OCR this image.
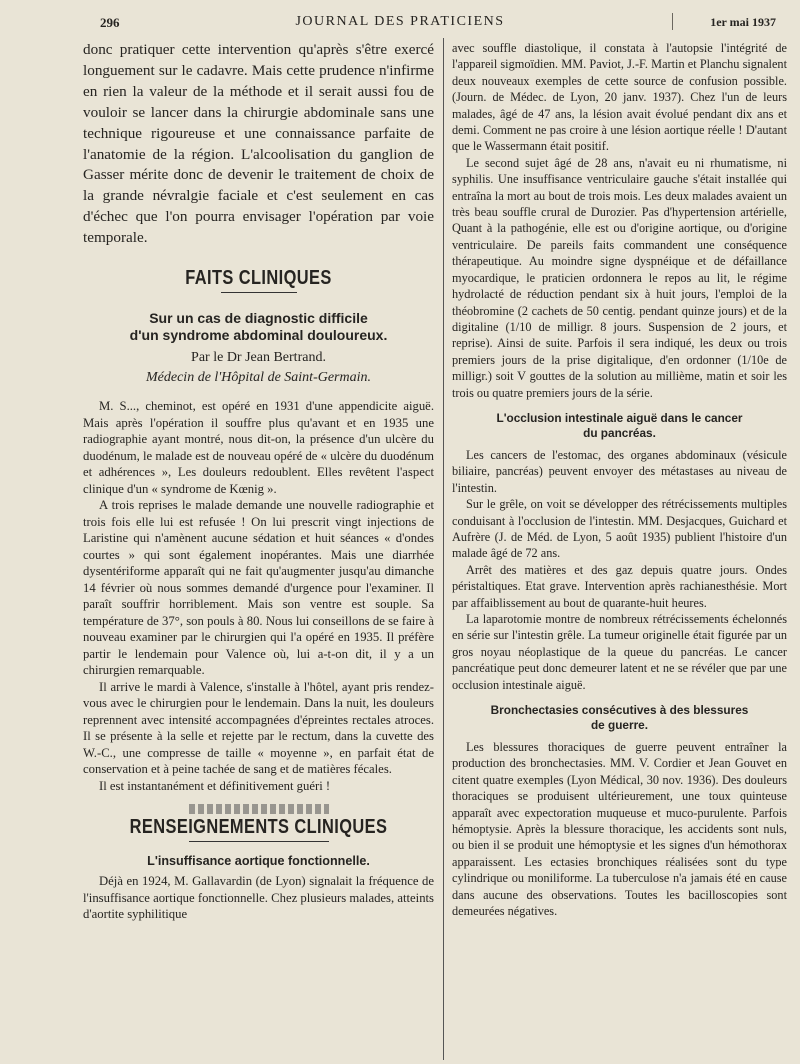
296	JOURNAL DES PRATICIENS	1er mai 1937

donc pratiquer cette intervention qu'après s'être exercé longuement sur le cadavre. Mais cette prudence n'infirme en rien la valeur de la méthode et il serait aussi fou de vouloir se lancer dans la chirurgie abdominale sans une technique rigoureuse et une connaissance parfaite de l'anatomie de la région. L'alcoolisation du ganglion de Gasser mérite donc de devenir le traitement de choix de la grande névralgie faciale et c'est seulement en cas d'échec que l'on pourra envisager l'opération par voie temporale.

FAITS CLINIQUES

Sur un cas de diagnostic difficile

d'un syndrome abdominal douloureux.

Par le Dr Jean Bertrand.

Médecin de l'Hôpital de Saint-Germain.

M. S..., cheminot, est opéré en 1931 d'une appendicite aiguë. Mais après l'opération il souffre plus qu'avant et en 1935 une radiographie ayant montré, nous dit-on, la présence d'un ulcère du duodénum, le malade est de nouveau opéré de « ulcère du duodénum et adhérences », Les douleurs redoublent. Elles revêtent l'aspect clinique d'un « syndrome de Kœnig ».

A trois reprises le malade demande une nouvelle radiographie et trois fois elle lui est refusée ! On lui prescrit vingt injections de Laristine qui n'amènent aucune sédation et huit séances « d'ondes courtes » qui sont également inopérantes. Mais une diarrhée dysentériforme apparaît qui ne fait qu'augmenter jusqu'au dimanche 14 février où nous sommes demandé d'urgence pour l'examiner. Il paraît souffrir horriblement. Mais son ventre est souple. Sa température de 37°, son pouls à 80. Nous lui conseillons de se faire à nouveau examiner par le chirurgien qui l'a opéré en 1935. Il préfère partir le lendemain pour Valence où, lui a-t-on dit, il y a un chirurgien remarquable.

Il arrive le mardi à Valence, s'installe à l'hôtel, ayant pris rendez-vous avec le chirurgien pour le lendemain. Dans la nuit, les douleurs reprennent avec intensité accompagnées d'épreintes rectales atroces. Il se présente à la selle et rejette par le rectum, dans la cuvette des W.-C., une compresse de taille « moyenne », en parfait état de conservation et à peine tachée de sang et de matières fécales.

Il est instantanément et définitivement guéri !

RENSEIGNEMENTS CLINIQUES

L'insuffisance aortique fonctionnelle.

Déjà en 1924, M. Gallavardin (de Lyon) signalait la fréquence de l'insuffisance aortique fonctionnelle. Chez plusieurs malades, atteints d'aortite syphilitique

avec souffle diastolique, il constata à l'autopsie l'intégrité de l'appareil sigmoïdien. MM. Paviot, J.-F. Martin et Planchu signalent deux nouveaux exemples de cette source de confusion possible. (Journ. de Médec. de Lyon, 20 janv. 1937). Chez l'un de leurs malades, âgé de 47 ans, la lésion avait évolué pendant dix ans et demi. Comment ne pas croire à une lésion aortique réelle ! D'autant que le Wassermann était positif.

Le second sujet âgé de 28 ans, n'avait eu ni rhumatisme, ni syphilis. Une insuffisance ventriculaire gauche s'était installée qui entraîna la mort au bout de trois mois. Les deux malades avaient un très beau souffle crural de Durozier. Pas d'hypertension artérielle, Quant à la pathogénie, elle est ou d'origine aortique, ou d'origine ventriculaire. De pareils faits commandent une conséquence thérapeutique. Au moindre signe dyspnéique et de défaillance myocardique, le praticien ordonnera le repos au lit, le régime hydrolacté de réduction pendant six à huit jours, l'emploi de la théobromine (2 cachets de 50 centig. pendant quinze jours) et de la digitaline (1/10 de milligr. 8 jours. Suspension de 2 jours, et reprise). Ainsi de suite. Parfois il sera indiqué, les deux ou trois premiers jours de la prise digitalique, d'en ordonner (1/10e de milligr.) soit V gouttes de la solution au millième, matin et soir les trois ou quatre premiers jours de la série.

L'occlusion intestinale aiguë dans le cancer

du pancréas.

Les cancers de l'estomac, des organes abdominaux (vésicule biliaire, pancréas) peuvent envoyer des métastases au niveau de l'intestin.

Sur le grêle, on voit se développer des rétrécissements multiples conduisant à l'occlusion de l'intestin. MM. Desjacques, Guichard et Aufrère (J. de Méd. de Lyon, 5 août 1935) publient l'histoire d'un malade âgé de 72 ans.

Arrêt des matières et des gaz depuis quatre jours. Ondes péristaltiques. Etat grave. Intervention après rachianesthésie. Mort par affaiblissement au bout de quarante-huit heures.

La laparotomie montre de nombreux rétrécissements échelonnés en série sur l'intestin grêle. La tumeur originelle était figurée par un gros noyau néoplastique de la queue du pancréas. Le cancer pancréatique peut donc demeurer latent et ne se révéler que par une occlusion intestinale aiguë.

Bronchectasies consécutives à des blessures

de guerre.

Les blessures thoraciques de guerre peuvent entraîner la production des bronchectasies. MM. V. Cordier et Jean Gouvet en citent quatre exemples (Lyon Médical, 30 nov. 1936). Des douleurs thoraciques se produisent ultérieurement, une toux quinteuse apparaît avec expectoration muqueuse et muco-purulente. Parfois hémoptysie. Après la blessure thoracique, les accidents sont nuls, ou bien il se produit une hémoptysie et les signes d'un hémothorax apparaissent. Les ectasies bronchiques réalisées sont du type cylindrique ou moniliforme. La tuberculose n'a jamais été en cause dans aucune des observations. Toutes les bacilloscopies sont demeurées négatives.
